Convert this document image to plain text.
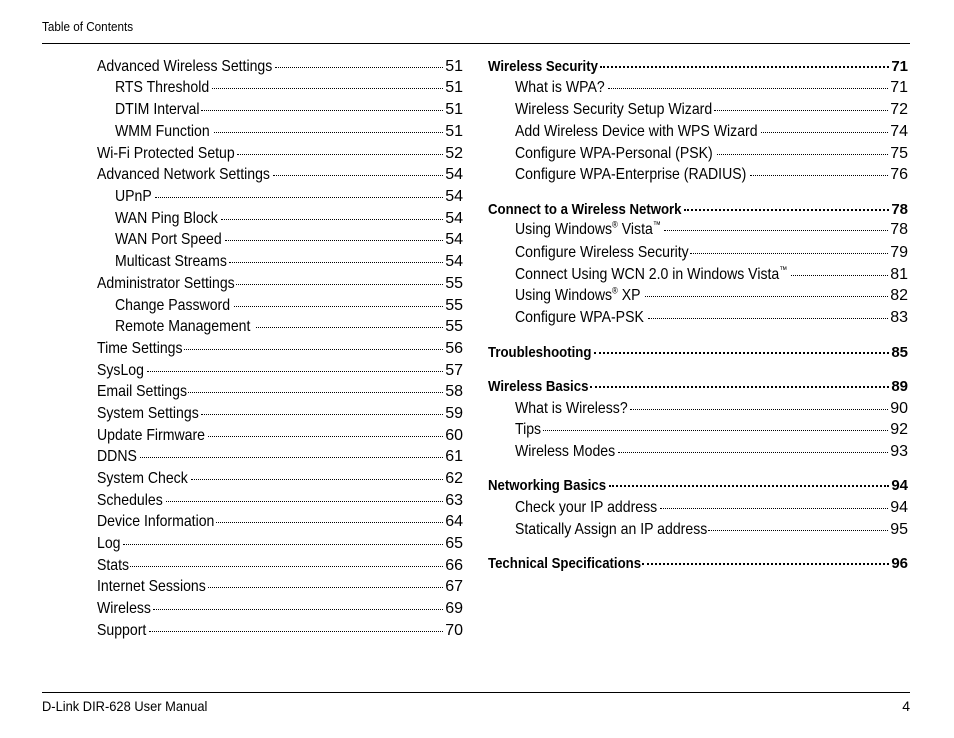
Table of Contents
Advanced Wireless Settings	51
RTS Threshold	51
DTIM Interval	51
WMM Function	51
Wi-Fi Protected Setup	52
Advanced Network Settings	54
UPnP	54
WAN Ping Block	54
WAN Port Speed	54
Multicast Streams	54
Administrator Settings	55
Change Password	55
Remote Management	55
Time Settings	56
SysLog	57
Email Settings	58
System Settings	59
Update Firmware	60
DDNS	61
System Check	62
Schedules	63
Device Information	64
Log	65
Stats	66
Internet Sessions	67
Wireless	69
Support	70
Wireless Security	71
What is WPA?	71
Wireless Security Setup Wizard	72
Add Wireless Device with WPS Wizard	74
Configure WPA-Personal (PSK)	75
Configure WPA-Enterprise (RADIUS)	76
Connect to a Wireless Network	78
Using Windows® Vista™	78
Configure Wireless Security	79
Connect Using WCN 2.0 in Windows Vista™	81
Using Windows® XP	82
Configure WPA-PSK	83
Troubleshooting	85
Wireless Basics	89
What is Wireless?	90
Tips	92
Wireless Modes	93
Networking Basics	94
Check your IP address	94
Statically Assign an IP address	95
Technical Specifications	96
D-Link DIR-628 User Manual	4
